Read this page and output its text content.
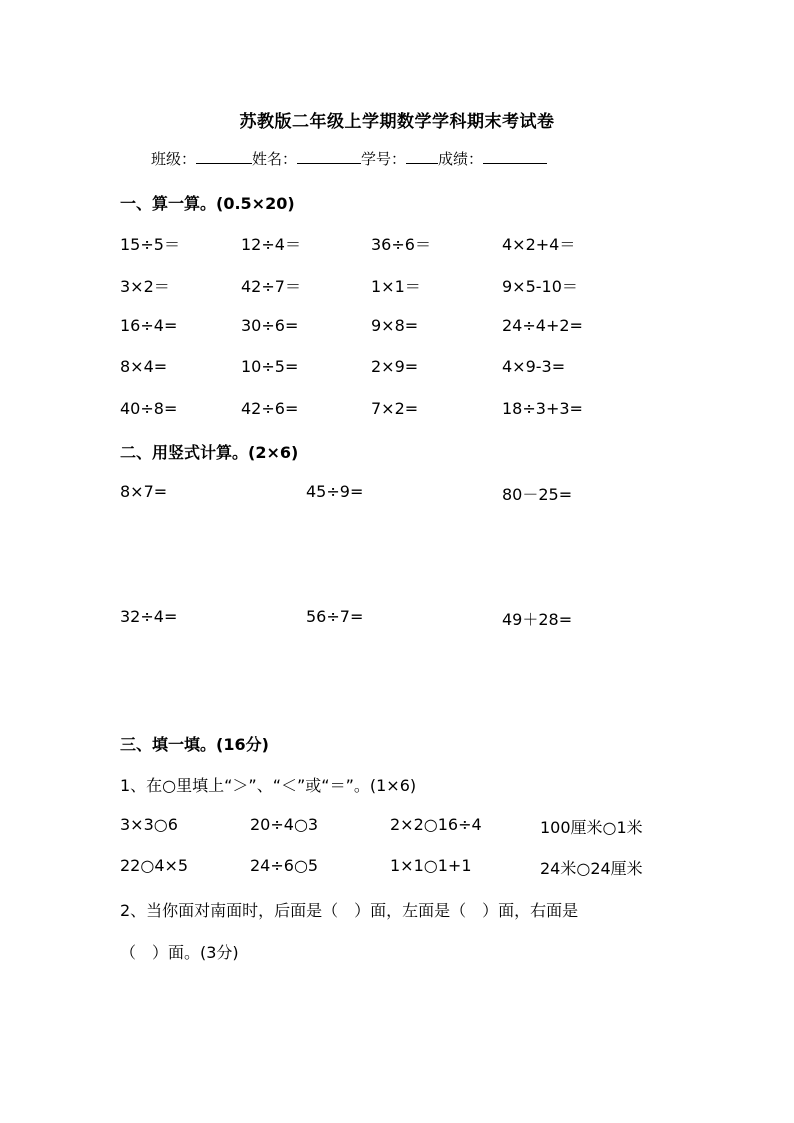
苏教版二年级上学期数学学科期末考试卷
班级：	姓名：	学号： 成绩：
一、算一算。(0.5×20)
15÷5＝	12÷4＝	36÷6＝	4×2+4＝
3×2＝	42÷7＝	1×1＝	9×5-10＝
16÷4=	30÷6=	9×8=	24÷4+2=
8×4=	10÷5=	2×9=	4×9-3=
40÷8=	42÷6=	7×2=	18÷3+3=
二、用竖式计算。(2×6)
8×7=	45÷9=	80－25=
32÷4=	56÷7=	49＋28=
三、填一填。(16分)
1、在○里填上“＞”、“＜”或“＝”。(1×6)
3×3○6	20÷4○3	2×2○16÷4	100厘米○1米
22○4×5	24÷6○5	1×1○1+1	24米○24厘米
2、当你面对南面时，后面是（　）面，左面是（　）面，右面是
（　）面。(3分)
